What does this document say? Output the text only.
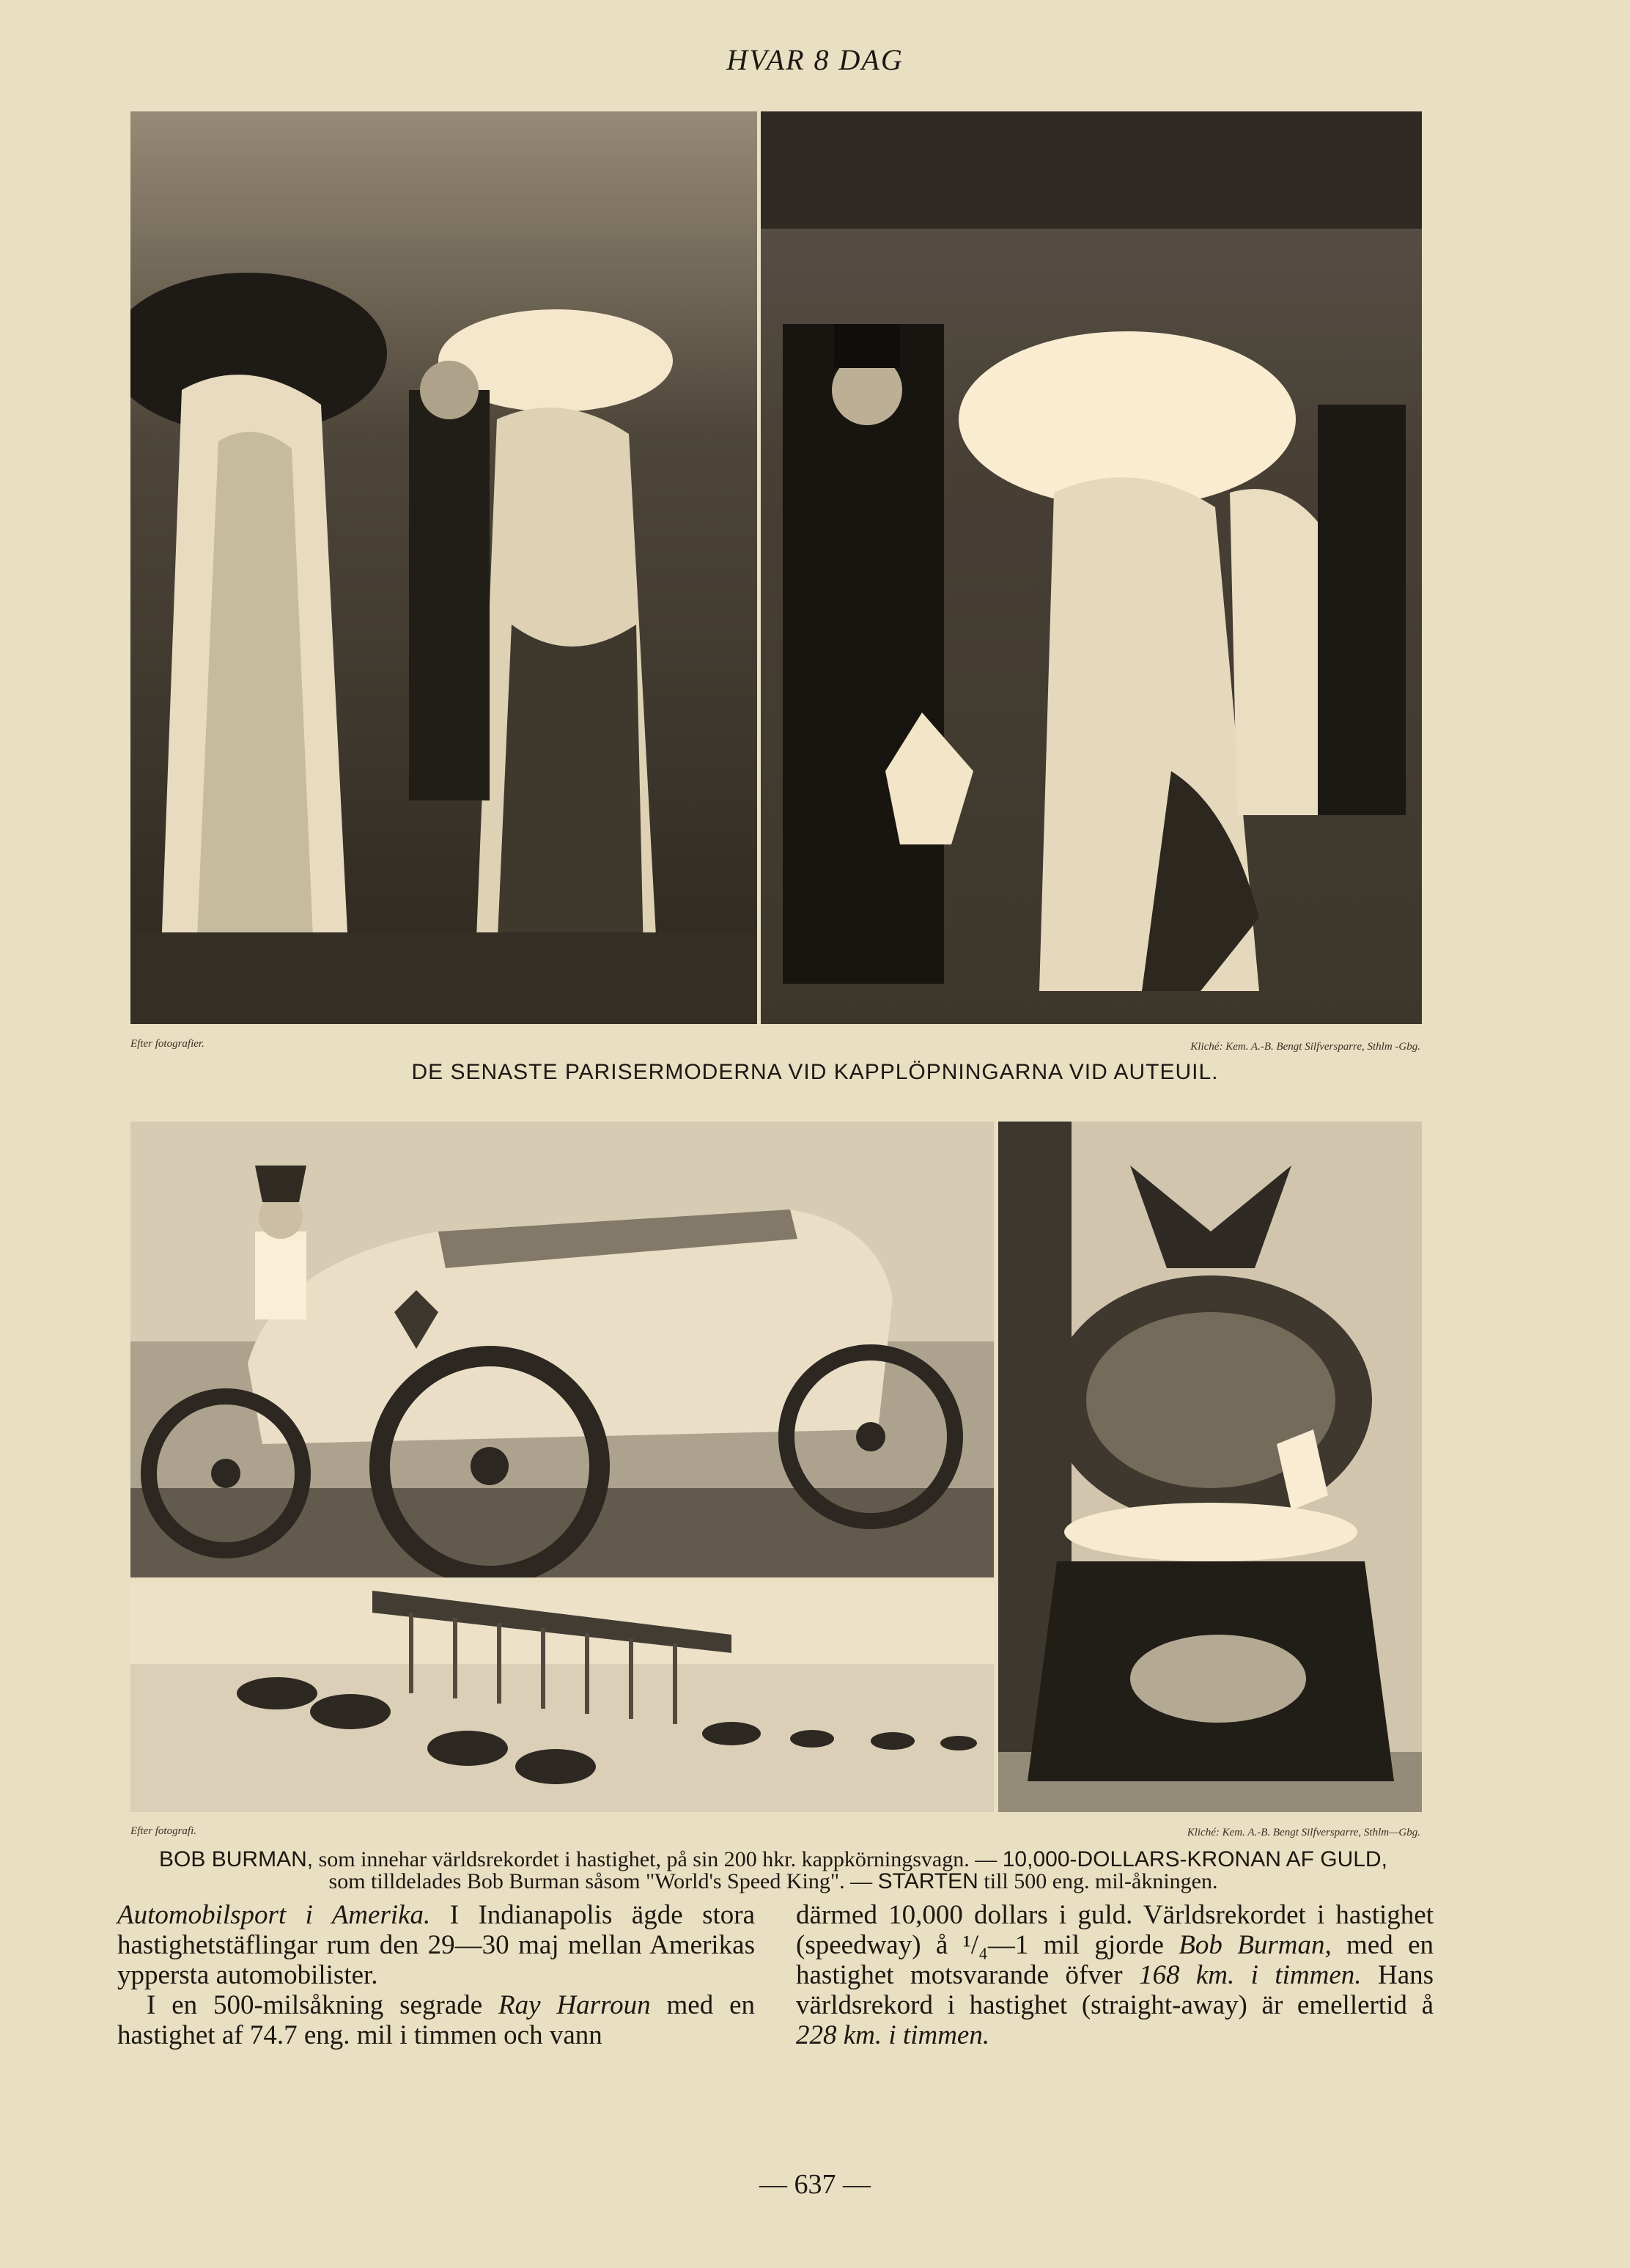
HVAR 8 DAG
Efter fotografier.	Kliché: Kem. A.-B. Bengt Silfversparre, Sthlm -Gbg.
DE SENASTE PARISERMODERNA VID KAPPLÖPNINGARNA VID AUTEUIL.
Efter fotografi.	Kliché: Kem. A.-B. Bengt Silfversparre, Sthlm—Gbg.
BOB BURMAN, som innehar världsrekordet i hastighet, på sin 200 hkr. kappkörningsvagn. — 10,000-DOLLARS-KRONAN AF GULD,
som tilldelades Bob Burman såsom "World's Speed King". — STARTEN till 500 eng. mil-åkningen.

Automobilsport i Amerika. I Indianapolis ägde stora hastighetstäflingar rum den 29—30 maj mellan Amerikas yppersta automobilister.

I en 500-milsåkning segrade Ray Harroun med en hastighet af 74.7 eng. mil i timmen och vann

därmed 10,000 dollars i guld. Världsrekordet i hastighet (speedway) å ¹/₄—1 mil gjorde Bob Burman, med en hastighet motsvarande öfver 168 km. i timmen. Hans världsrekord i hastighet (straight-away) är emellertid å 228 km. i timmen.

— 637 —
